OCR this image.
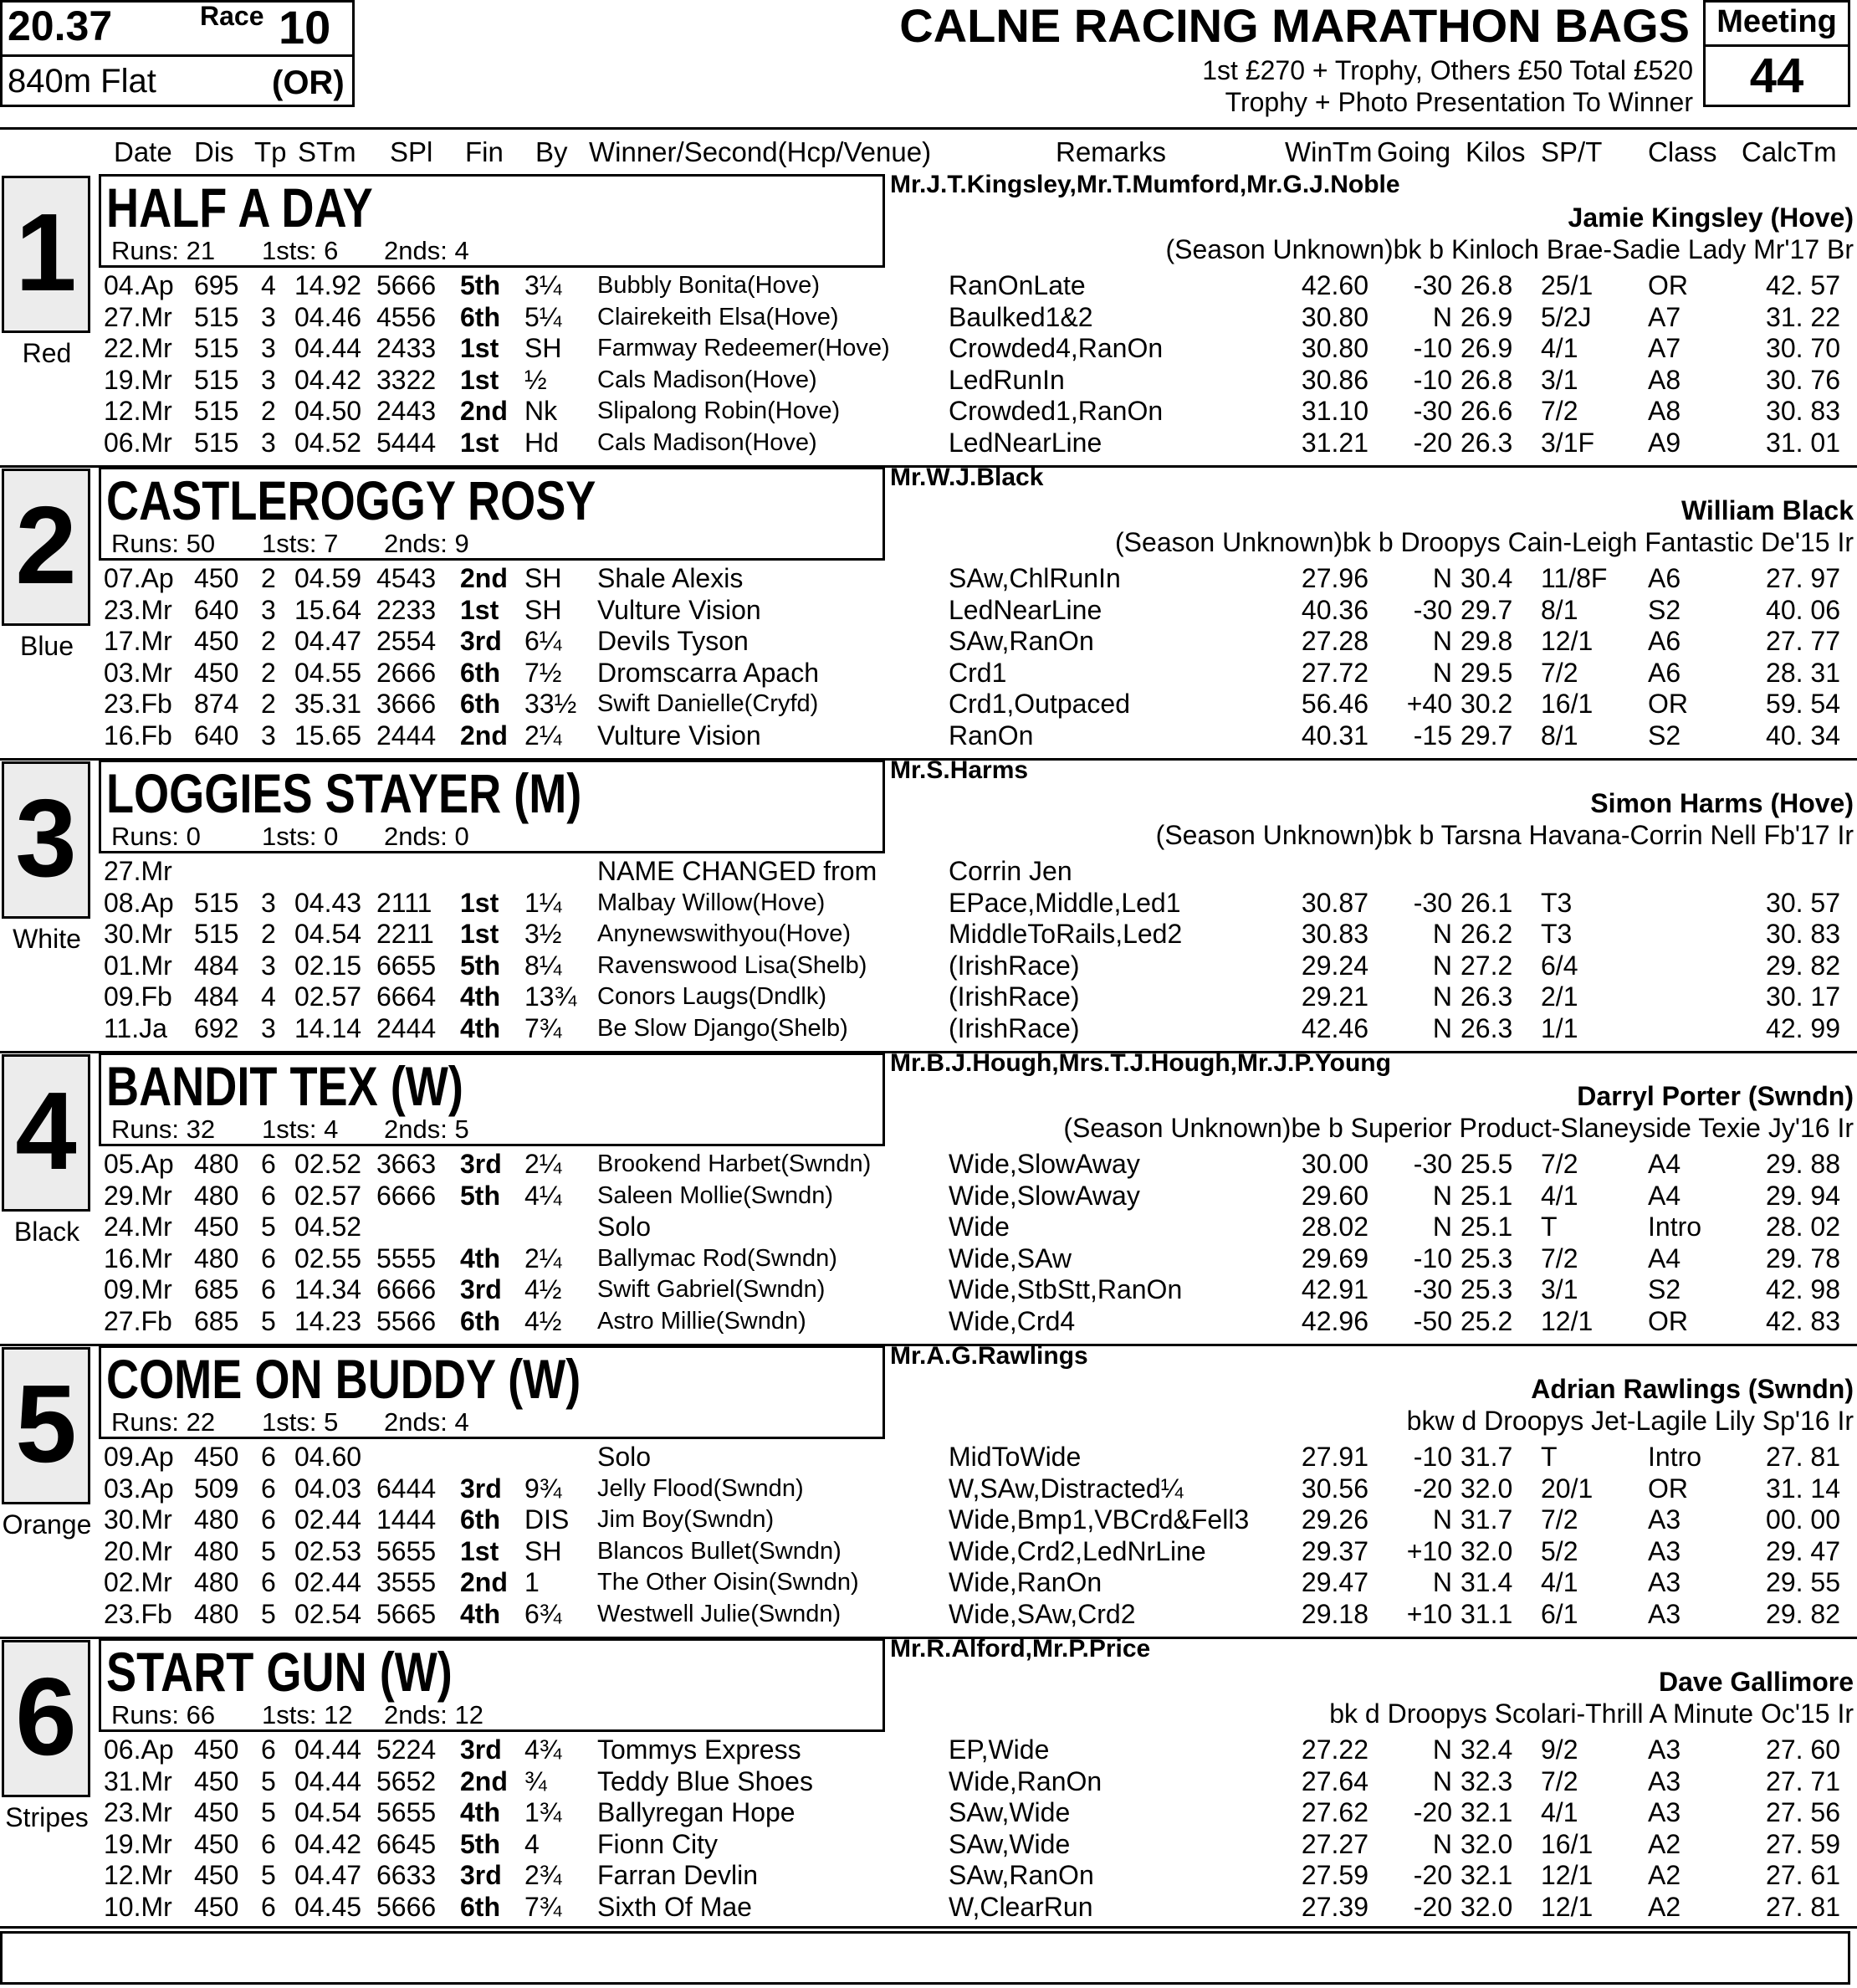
20.37	Race 10
840m Flat	(OR)
CALNE RACING MARATHON BAGS
1st £270 + Trophy, Others £50 Total £520
Trophy + Photo Presentation To Winner
Meeting
44
Date Dis Tp STm SPl Fin By Winner/Second(Hcp/Venue)	Remarks	WinTm Going Kilos SP/T Class CalcTm
1
Red
HALF A DAY
Runs: 21 1sts: 6 2nds: 4
Mr.J.T.Kingsley,Mr.T.Mumford,Mr.G.J.Noble
Jamie Kingsley (Hove)
(Season Unknown)bk b Kinloch Brae-Sadie Lady Mr'17 Br
04.Ap 695 4 14.92 5666 5th 3¼ Bubbly Bonita(Hove)	RanOnLate	42.60 -30 26.8 25/1 OR	42. 57
27.Mr 515 3 04.46 4556 6th 5¼ Clairekeith Elsa(Hove)	Baulked1&2	30.80 N 26.9 5/2J A7	31. 22
22.Mr 515 3 04.44 2433 1st SH Farmway Redeemer(Hove) Crowded4,RanOn	30.80 -10 26.9 4/1	A7	30. 70
19.Mr 515 3 04.42 3322 1st ½ Cals Madison(Hove)	LedRunIn	30.86 -10 26.8 3/1	A8	30. 76
12.Mr 515 2 04.50 2443 2nd Nk Slipalong Robin(Hove)	Crowded1,RanOn	31.10 -30 26.6 7/2	A8	30. 83
06.Mr 515 3 04.52 5444 1st Hd Cals Madison(Hove)	LedNearLine	31.21 -20 26.3 3/1F A9	31. 01
2
Blue
CASTLEROGGY ROSY
Runs: 50 1sts: 7 2nds: 9
Mr.W.J.Black
William Black
(Season Unknown)bk b Droopys Cain-Leigh Fantastic De'15 Ir
07.Ap 450 2 04.59 4543 2nd SH Shale Alexis	SAw,ChlRunIn	27.96 N 30.4 11/8F A6	27. 97
23.Mr 640 3 15.64 2233 1st SH Vulture Vision	LedNearLine	40.36 -30 29.7 8/1	S2	40. 06
17.Mr 450 2 04.47 2554 3rd 6¼ Devils Tyson	SAw,RanOn	27.28 N 29.8 12/1 A6	27. 77
03.Mr 450 2 04.55 2666 6th 7½ Dromscarra Apach	Crd1	27.72 N 29.5 7/2	A6	28. 31
23.Fb 874 2 35.31 3666 6th 33½ Swift Danielle(Cryfd)	Crd1,Outpaced	56.46 +40 30.2 16/1 OR	59. 54
16.Fb 640 3 15.65 2444 2nd 2¼ Vulture Vision	RanOn	40.31 -15 29.7 8/1	S2	40. 34
3
White
LOGGIES STAYER (M)
Runs: 0 1sts: 0 2nds: 0
Mr.S.Harms
Simon Harms (Hove)
(Season Unknown)bk b Tarsna Havana-Corrin Nell Fb'17 Ir
27.Mr	NAME CHANGED from	Corrin Jen
08.Ap 515 3 04.43 2111 1st 1¼ Malbay Willow(Hove)	EPace,Middle,Led1	30.87 -30 26.1 T3	30. 57
30.Mr 515 2 04.54 2211 1st 3½ Anynewswithyou(Hove)	MiddleToRails,Led2	30.83 N 26.2 T3	30. 83
01.Mr 484 3 02.15 6655 5th 8¼ Ravenswood Lisa(Shelb)	(IrishRace)	29.24 N 27.2 6/4	29. 82
09.Fb 484 4 02.57 6664 4th 13¾ Conors Laugs(Dndlk)	(IrishRace)	29.21 N 26.3 2/1	30. 17
11.Ja 692 3 14.14 2444 4th 7¾ Be Slow Django(Shelb)	(IrishRace)	42.46 N 26.3 1/1	42. 99
4
Black
BANDIT TEX (W)
Runs: 32 1sts: 4 2nds: 5
Mr.B.J.Hough,Mrs.T.J.Hough,Mr.J.P.Young
Darryl Porter (Swndn)
(Season Unknown)be b Superior Product-Slaneyside Texie Jy'16 Ir
05.Ap 480 6 02.52 3663 3rd 2¼ Brookend Harbet(Swndn)	Wide,SlowAway	30.00 -30 25.5 7/2	A4	29. 88
29.Mr 480 6 02.57 6666 5th 4¼ Saleen Mollie(Swndn)	Wide,SlowAway	29.60 N 25.1 4/1	A4	29. 94
24.Mr 450 5 04.52	Solo	Wide	28.02 N 25.1 T	Intro 28. 02
16.Mr 480 6 02.55 5555 4th 2¼ Ballymac Rod(Swndn)	Wide,SAw	29.69 -10 25.3 7/2	A4	29. 78
09.Mr 685 6 14.34 6666 3rd 4½ Swift Gabriel(Swndn)	Wide,StbStt,RanOn	42.91 -30 25.3 3/1	S2	42. 98
27.Fb 685 5 14.23 5566 6th 4½ Astro Millie(Swndn)	Wide,Crd4	42.96 -50 25.2 12/1 OR	42. 83
5
Orange
COME ON BUDDY (W)
Runs: 22 1sts: 5 2nds: 4
Mr.A.G.Rawlings
Adrian Rawlings (Swndn)
bkw d Droopys Jet-Lagile Lily Sp'16 Ir
09.Ap 450 6 04.60	Solo	MidToWide	27.91 -10 31.7 T	Intro 27. 81
03.Ap 509 6 04.03 6444 3rd 9¾ Jelly Flood(Swndn)	W,SAw,Distracted¼	30.56 -20 32.0 20/1 OR	31. 14
30.Mr 480 6 02.44 1444 6th DIS Jim Boy(Swndn)	Wide,Bmp1,VBCrd&Fell3 29.26 N 31.7 7/2	A3	00. 00
20.Mr 480 5 02.53 5655 1st SH Blancos Bullet(Swndn)	Wide,Crd2,LedNrLine	29.37 +10 32.0 5/2	A3	29. 47
02.Mr 480 6 02.44 3555 2nd 1 The Other Oisin(Swndn)	Wide,RanOn	29.47 N 31.4 4/1	A3	29. 55
23.Fb 480 5 02.54 5665 4th 6¾ Westwell Julie(Swndn)	Wide,SAw,Crd2	29.18 +10 31.1 6/1	A3	29. 82
6
Stripes
START GUN (W)
Runs: 66 1sts: 12 2nds: 12
Mr.R.Alford,Mr.P.Price
Dave Gallimore
bk d Droopys Scolari-Thrill A Minute Oc'15 Ir
06.Ap 450 6 04.44 5224 3rd 4¾ Tommys Express	EP,Wide	27.22 N 32.4 9/2	A3	27. 60
31.Mr 450 5 04.44 5652 2nd ¾ Teddy Blue Shoes	Wide,RanOn	27.64 N 32.3 7/2	A3	27. 71
23.Mr 450 5 04.54 5655 4th 1¾ Ballyregan Hope	SAw,Wide	27.62 -20 32.1 4/1	A3	27. 56
19.Mr 450 6 04.42 6645 5th 4 Fionn City	SAw,Wide	27.27 N 32.0 16/1 A2	27. 59
12.Mr 450 5 04.47 6633 3rd 2¾ Farran Devlin	SAw,RanOn	27.59 -20 32.1 12/1 A2	27. 61
10.Mr 450 6 04.45 5666 6th 7¾ Sixth Of Mae	W,ClearRun	27.39 -20 32.0 12/1 A2	27. 81
